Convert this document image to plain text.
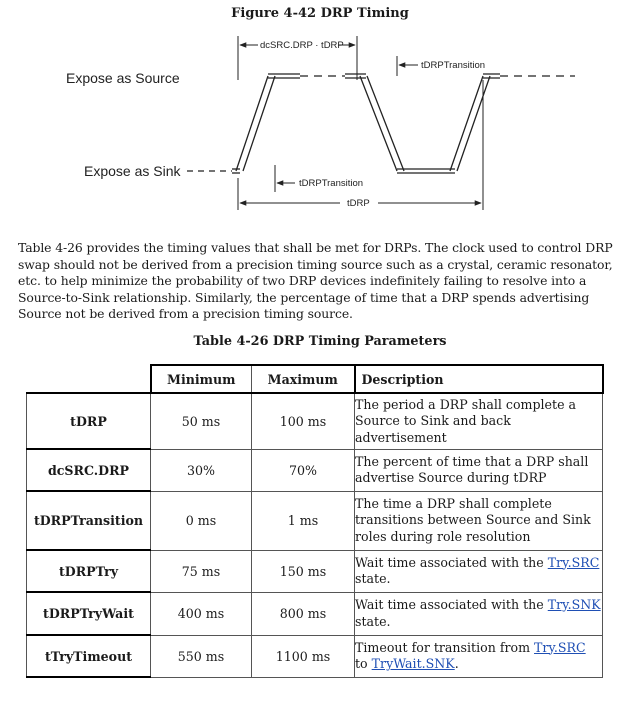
Figure 4-42 DRP Timing
Expose as Source
Expose as Sink
dcSRC.DRP · tDRP
tDRPTransition
tDRPTransition
tDRP

Table 4-26 provides the timing values that shall be met for DRPs. The clock used to control DRP swap should not be derived from a precision timing source such as a crystal, ceramic resonator, etc. to help minimize the probability of two DRP devices indefinitely failing to resolve into a Source-to-Sink relationship. Similarly, the percentage of time that a DRP spends advertising Source not be derived from a precision timing source.

Table 4-26 DRP Timing Parameters
	Minimum	Maximum	Description
tDRP	50 ms	100 ms	The period a DRP shall complete a Source to Sink and back advertisement
dcSRC.DRP	30%	70%	The percent of time that a DRP shall advertise Source during tDRP
tDRPTransition	0 ms	1 ms	The time a DRP shall complete transitions between Source and Sink roles during role resolution
tDRPTry	75 ms	150 ms	Wait time associated with the Try.SRC state.
tDRPTryWait	400 ms	800 ms	Wait time associated with the Try.SNK state.
tTryTimeout	550 ms	1100 ms	Timeout for transition from Try.SRC to TryWait.SNK.
